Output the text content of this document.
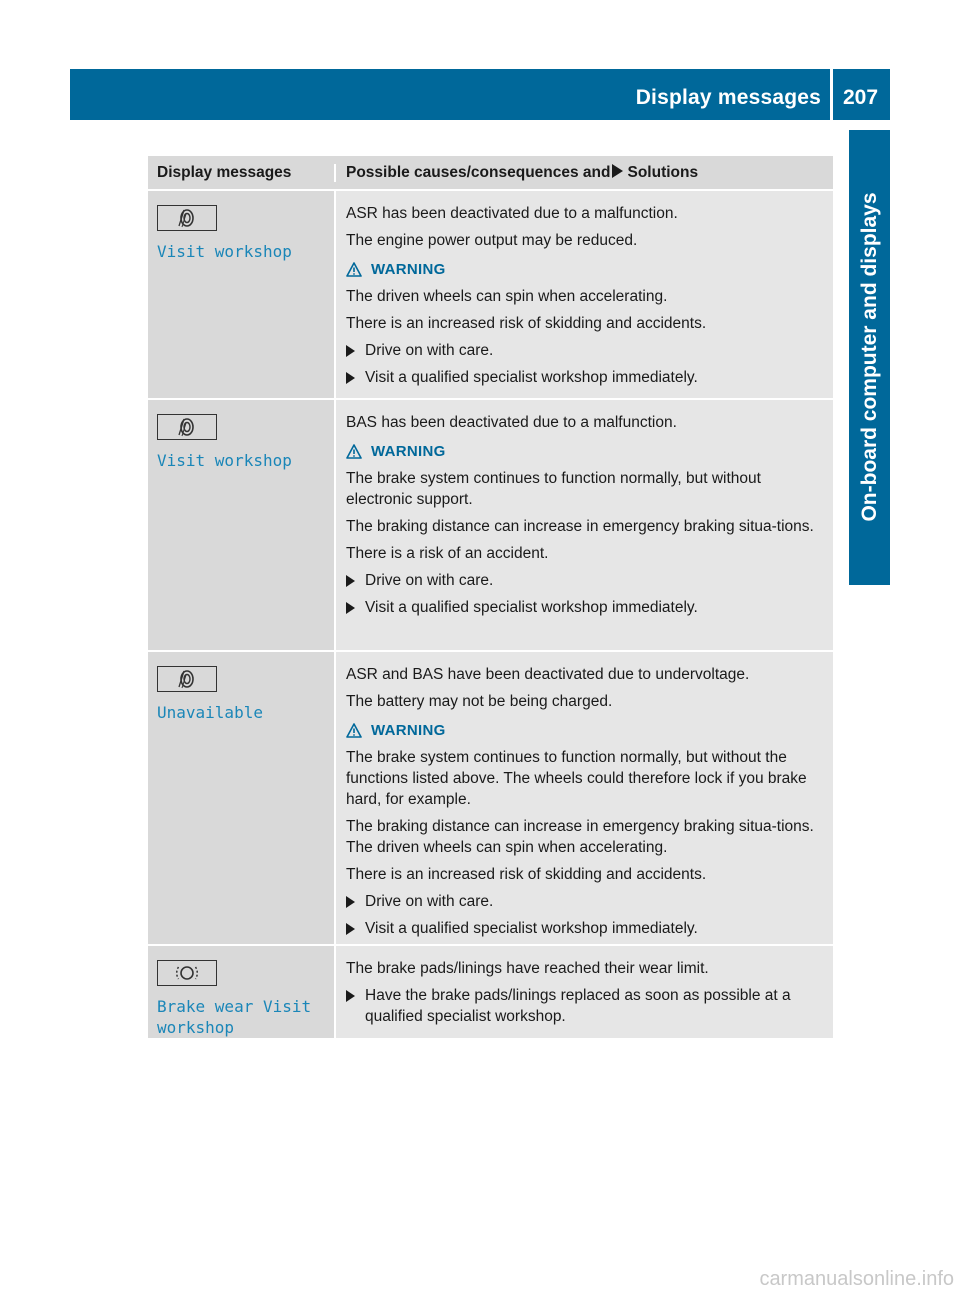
Display messages 207
On-board computer and displays
Display messages	Possible causes/consequences and Solutions
Visit workshop

ASR has been deactivated due to a malfunction.

The engine power output may be reduced.

WARNING

The driven wheels can spin when accelerating.

There is an increased risk of skidding and accidents.

Drive on with care.
Visit a qualified specialist workshop immediately.
Visit workshop

BAS has been deactivated due to a malfunction.

WARNING

The brake system continues to function normally, but without electronic support.

The braking distance can increase in emergency braking situa-tions.

There is a risk of an accident.

Drive on with care.
Visit a qualified specialist workshop immediately.
Unavailable

ASR and BAS have been deactivated due to undervoltage.

The battery may not be being charged.

WARNING

The brake system continues to function normally, but without the functions listed above. The wheels could therefore lock if you brake hard, for example.

The braking distance can increase in emergency braking situa-tions. The driven wheels can spin when accelerating.

There is an increased risk of skidding and accidents.

Drive on with care.
Visit a qualified specialist workshop immediately.
Brake wear Visit
workshop

The brake pads/linings have reached their wear limit.

Have the brake pads/linings replaced as soon as possible at a qualified specialist workshop.
carmanualsonline.info
